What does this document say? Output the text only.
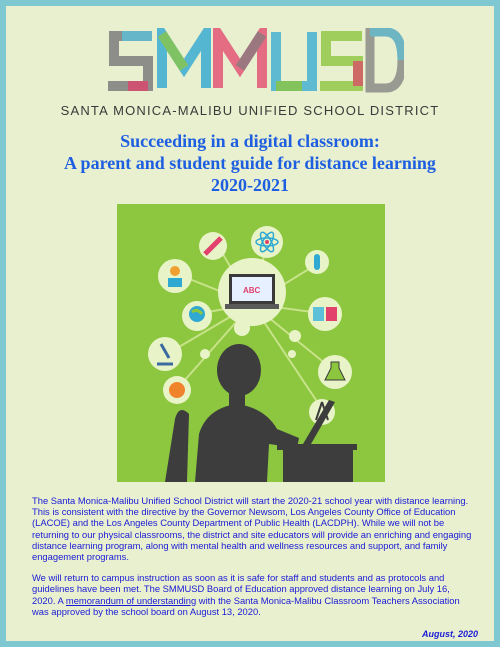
SANTA MONICA-MALIBU UNIFIED SCHOOL DISTRICT
Succeeding in a digital classroom:
A parent and student guide for distance learning
2020-2021
ABC

The Santa Monica-Malibu Unified School District will start the 2020-21 school year with distance learning. This is consistent with the directive by the Governor Newsom, Los Angeles County Office of Education (LACOE) and the Los Angeles County Department of Public Health (LACDPH). While we will not be returning to our physical classrooms, the district and site educators will provide an enriching and engaging distance learning program, along with mental health and wellness resources and support, and family engagement programs.

We will return to campus instruction as soon as it is safe for staff and students and as protocols and guidelines have been met. The SMMUSD Board of Education approved distance learning on July 16, 2020. A memorandum of understanding with the Santa Monica-Malibu Classroom Teachers Association was approved by the school board on August 13, 2020.

August, 2020
